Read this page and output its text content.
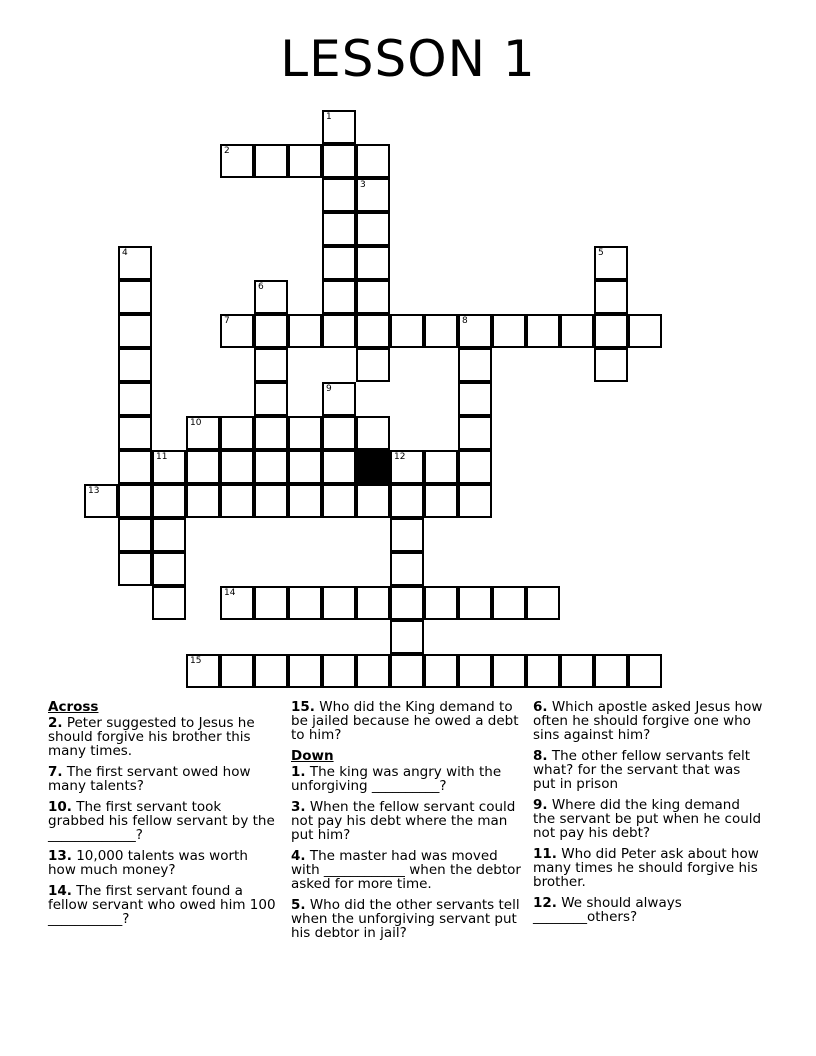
LESSON 1
1
2
3
4	5
6
7	8
9
10
11	12
13
14
15
Across
2. Peter suggested to Jesus he should forgive his brother this many times.
7. The first servant owed how many talents?
10. The first servant took grabbed his fellow servant by the _____________?
13. 10,000 talents was worth how much money?
14. The first servant found a fellow servant who owed him 100 ___________?
15. Who did the King demand to be jailed because he owed a debt to him?
Down
1. The king was angry with the unforgiving __________?
3. When the fellow servant could not pay his debt where the man put him?
4. The master had was moved with ____________ when the debtor asked for more time.
5. Who did the other servants tell when the unforgiving servant put his debtor in jail?
6. Which apostle asked Jesus how often he should forgive one who sins against him?
8. The other fellow servants felt what? for the servant that was put in prison
9. Where did the king demand the servant be put when he could not pay his debt?
11. Who did Peter ask about how many times he should forgive his brother.
12. We should always ________others?
